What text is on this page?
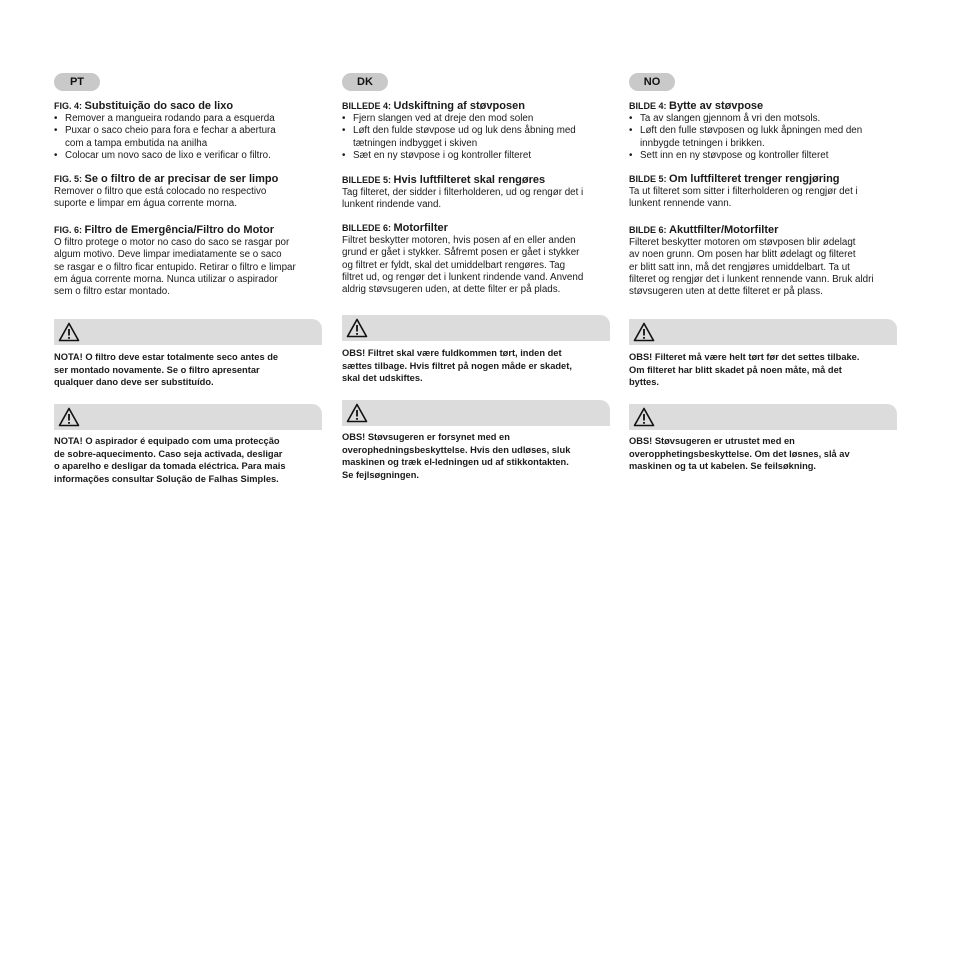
PT
FIG. 4: Substituição do saco de lixo
• Remover a mangueira rodando para a esquerda
• Puxar o saco cheio para fora e fechar a abertura
com a tampa embutida na anilha
• Colocar um novo saco de lixo e verificar o filtro.
FIG. 5: Se o filtro de ar precisar de ser limpo

Remover o filtro que está colocado no respectivo
suporte e limpar em água corrente morna.

FIG. 6: Filtro de Emergência/Filtro do Motor

O filtro protege o motor no caso do saco se rasgar por
algum motivo. Deve limpar imediatamente se o saco
se rasgar e o filtro ficar entupido. Retirar o filtro e limpar
em água corrente morna. Nunca utilizar o aspirador
sem o filtro estar montado.

NOTA! O filtro deve estar totalmente seco antes de
ser montado novamente. Se o filtro apresentar
qualquer dano deve ser substituído.

NOTA! O aspirador é equipado com uma protecção
de sobre-aquecimento. Caso seja activada, desligar
o aparelho e desligar da tomada eléctrica. Para mais
informações consultar Solução de Falhas Simples.

DK
BILLEDE 4: Udskiftning af støvposen
• Fjern slangen ved at dreje den mod solen
• Løft den fulde støvpose ud og luk dens åbning med
tætningen indbygget i skiven
• Sæt en ny støvpose i og kontroller filteret
BILLEDE 5: Hvis luftfilteret skal rengøres

Tag filteret, der sidder i filterholderen, ud og rengør det i
lunkent rindende vand.

BILLEDE 6: Motorfilter

Filtret beskytter motoren, hvis posen af en eller anden
grund er gået i stykker. Såfremt posen er gået i stykker
og filtret er fyldt, skal det umiddelbart rengøres. Tag
filtret ud, og rengør det i lunkent rindende vand. Anvend
aldrig støvsugeren uden, at dette filter er på plads.

OBS! Filtret skal være fuldkommen tørt, inden det
sættes tilbage. Hvis filtret på nogen måde er skadet,
skal det udskiftes.

OBS! Støvsugeren er forsynet med en
overophedningsbeskyttelse. Hvis den udløses, sluk
maskinen og træk el-ledningen ud af stikkontakten.
Se fejlsøgningen.

NO
BILDE 4: Bytte av støvpose
• Ta av slangen gjennom å vri den motsols.
• Løft den fulle støvposen og lukk åpningen med den
innbygde tetningen i brikken.
• Sett inn en ny støvpose og kontroller filteret
BILDE 5: Om luftfilteret trenger rengjøring

Ta ut filteret som sitter i filterholderen og rengjør det i
lunkent rennende vann.

BILDE 6: Akuttfilter/Motorfilter

Filteret beskytter motoren om støvposen blir ødelagt
av noen grunn. Om posen har blitt ødelagt og filteret
er blitt satt inn, må det rengjøres umiddelbart. Ta ut
filteret og rengjør det i lunkent rennende vann. Bruk aldri
støvsugeren uten at dette filteret er på plass.

OBS! Filteret må være helt tørt før det settes tilbake.
Om filteret har blitt skadet på noen måte, må det
byttes.

OBS! Støvsugeren er utrustet med en
overopphetingsbeskyttelse. Om det løsnes, slå av
maskinen og ta ut kabelen. Se feilsøkning.
